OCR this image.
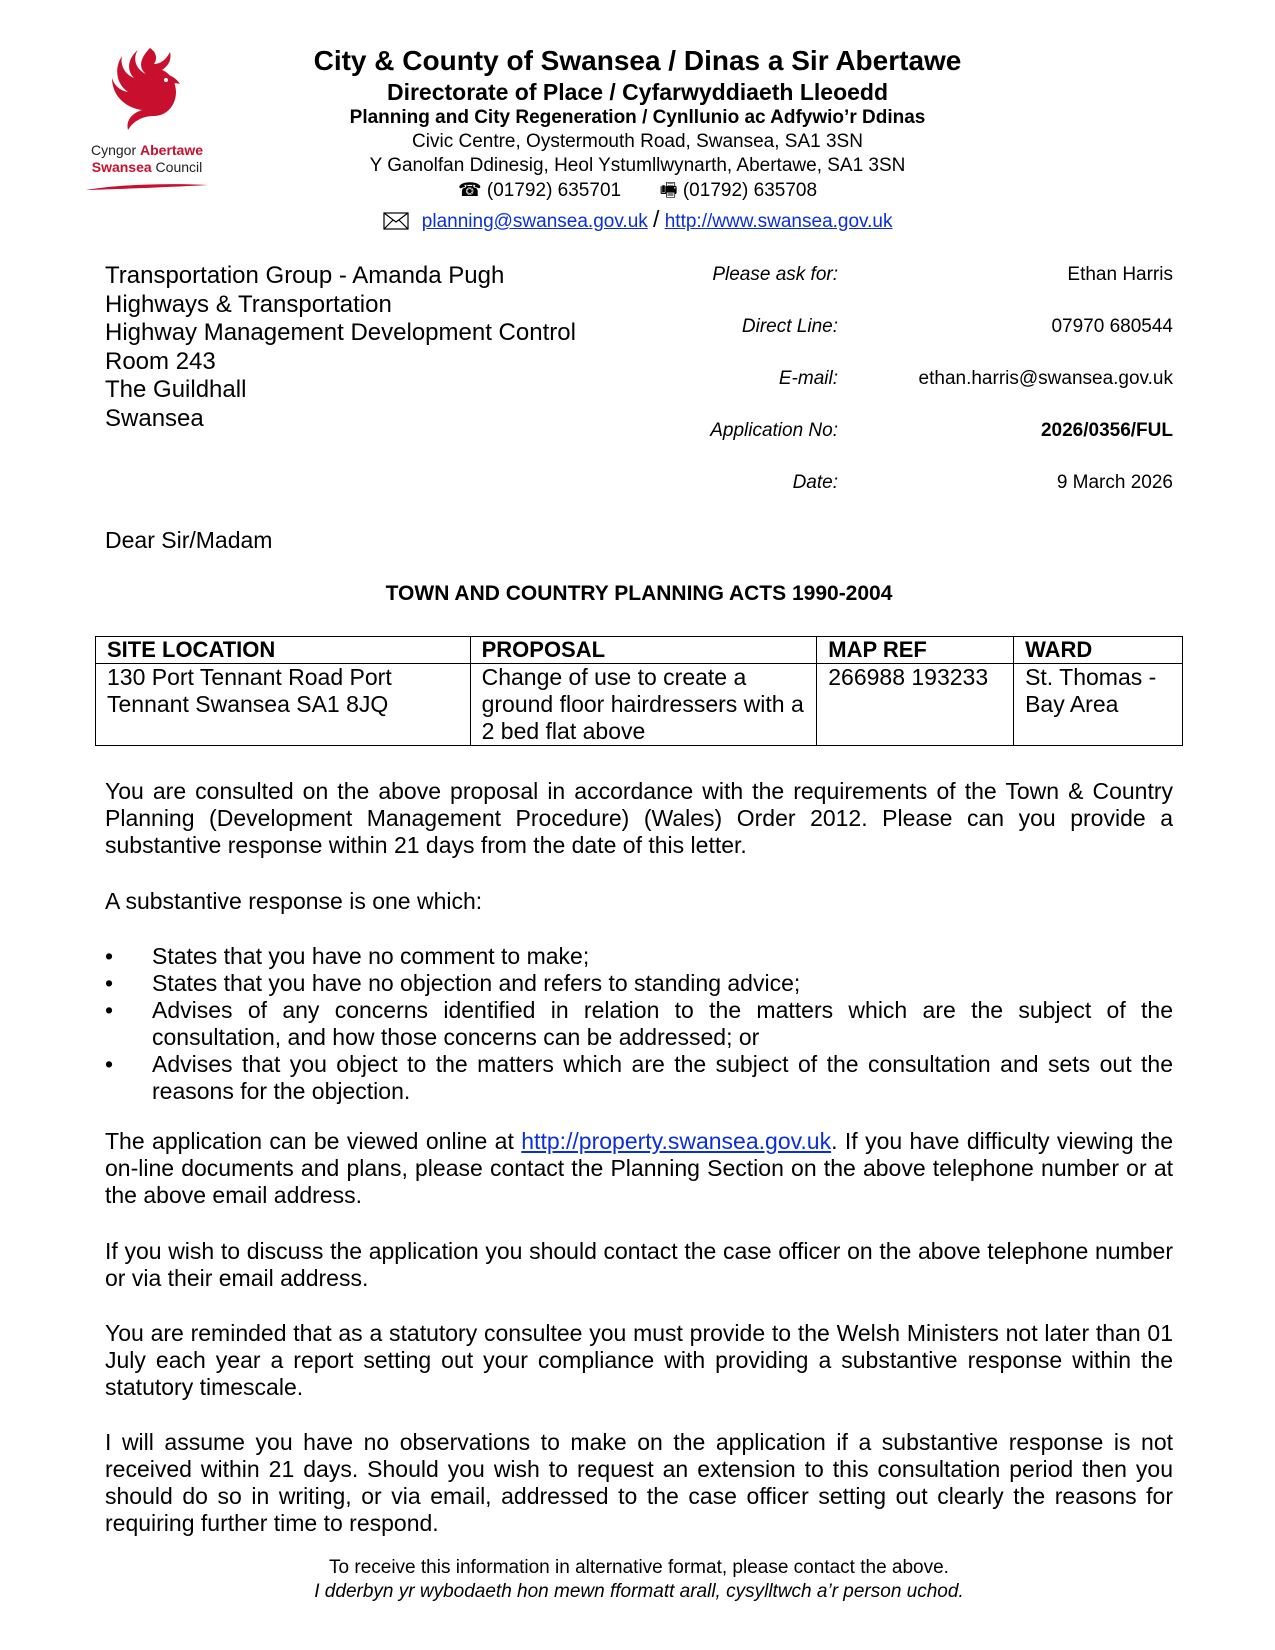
Cyngor Abertawe
Swansea Council
City & County of Swansea / Dinas a Sir Abertawe
Directorate of Place / Cyfarwyddiaeth Lleoedd
Planning and City Regeneration / Cynllunio ac Adfywio’r Ddinas
Civic Centre, Oystermouth Road, Swansea, SA1 3SN
Y Ganolfan Ddinesig, Heol Ystumllwynarth, Abertawe, SA1 3SN
☎ (01792) 635701 🖷 (01792) 635708
planning@swansea.gov.uk / http://www.swansea.gov.uk
Transportation Group - Amanda Pugh
Highways & Transportation
Highway Management Development Control
Room 243
The Guildhall
Swansea
Please ask for:	Ethan Harris
Direct Line:	07970 680544
E-mail:	ethan.harris@swansea.gov.uk
Application No:	2026/0356/FUL
Date:	9 March 2026
Dear Sir/Madam
TOWN AND COUNTRY PLANNING ACTS 1990-2004
SITE LOCATION	PROPOSAL	MAP REF	WARD
130 Port Tennant Road Port Tennant Swansea SA1 8JQ	Change of use to create a ground floor hairdressers with a 2 bed flat above	266988 193233	St. Thomas - Bay Area
You are consulted on the above proposal in accordance with the requirements of the Town & Country Planning (Development Management Procedure) (Wales) Order 2012. Please can you provide a substantive response within 21 days from the date of this letter.
A substantive response is one which:
•	States that you have no comment to make;
•	States that you have no objection and refers to standing advice;
•	Advises of any concerns identified in relation to the matters which are the subject of the consultation, and how those concerns can be addressed; or
•	Advises that you object to the matters which are the subject of the consultation and sets out the reasons for the objection.
The application can be viewed online at http://property.swansea.gov.uk. If you have difficulty viewing the on-line documents and plans, please contact the Planning Section on the above telephone number or at the above email address.
If you wish to discuss the application you should contact the case officer on the above telephone number or via their email address.
You are reminded that as a statutory consultee you must provide to the Welsh Ministers not later than 01 July each year a report setting out your compliance with providing a substantive response within the statutory timescale.
I will assume you have no observations to make on the application if a substantive response is not received within 21 days. Should you wish to request an extension to this consultation period then you should do so in writing, or via email, addressed to the case officer setting out clearly the reasons for requiring further time to respond.
To receive this information in alternative format, please contact the above.
I dderbyn yr wybodaeth hon mewn fformatt arall, cysylltwch a’r person uchod.
